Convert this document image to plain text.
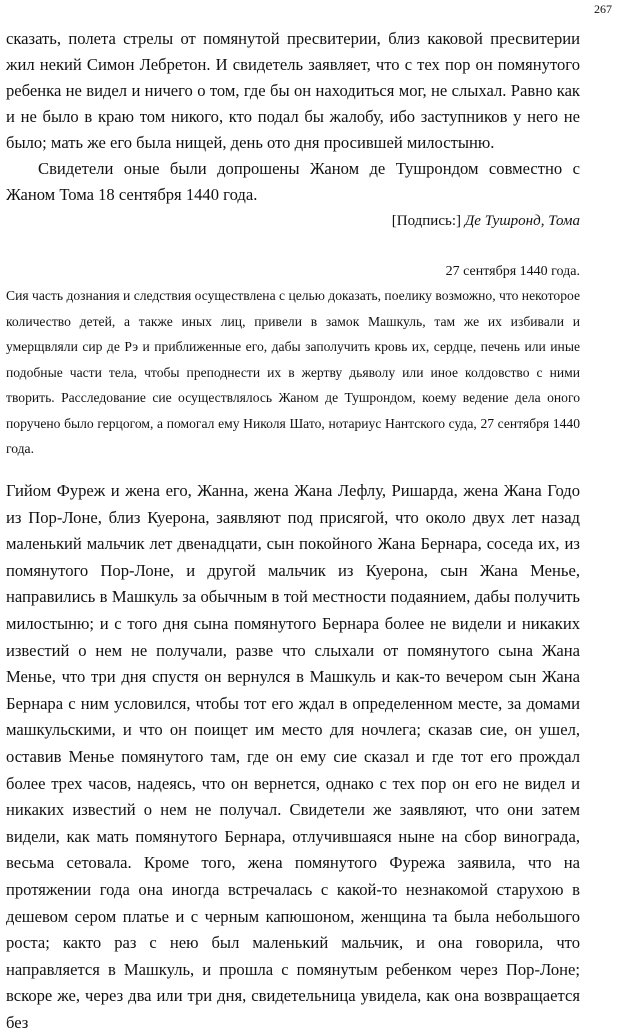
267

сказать, полета стрелы от помянутой пресвитерии, близ каковой пресвитерии жил некий Симон Лебретон. И свидетель заявляет, что с тех пор он помянутого ребенка не видел и ничего о том, где бы он находиться мог, не слыхал. Равно как и не было в краю том никого, кто подал бы жалобу, ибо заступников у него не было; мать же его была нищей, день ото дня просившей милостыню.

Свидетели оные были допрошены Жаном де Тушрондом совместно с Жаном Тома 18 сентября 1440 года.

[Подпись:] Де Тушронд, Тома

27 сентября 1440 года.

Сия часть дознания и следствия осуществлена с целью доказать, поелику возможно, что некоторое количество детей, а также иных лиц, привели в замок Машкуль, там же их избивали и умерщвляли сир де Рэ и приближенные его, дабы заполучить кровь их, сердце, печень или иные подобные части тела, чтобы преподнести их в жертву дьяволу или иное колдовство с ними творить. Расследование сие осуществлялось Жаном де Тушрондом, коему ведение дела оного поручено было герцогом, а помогал ему Николя Шато, нотариус Нантского суда, 27 сентября 1440 года.

Гийом Фуреж и жена его, Жанна, жена Жана Лефлу, Ришарда, жена Жана Годо из Пор-Лоне, близ Куерона, заявляют под присягой, что около двух лет назад маленький мальчик лет двенадцати, сын покойного Жана Бернара, соседа их, из помянутого Пор-Лоне, и другой мальчик из Куерона, сын Жана Менье, направились в Машкуль за обычным в той местности подаянием, дабы получить милостыню; и с того дня сына помянутого Бернара более не видели и никаких известий о нем не получали, разве что слыхали от помянутого сына Жана Менье, что три дня спустя он вернулся в Машкуль и как-то вечером сын Жана Бернара с ним условился, чтобы тот его ждал в определенном месте, за домами машкульскими, и что он поищет им место для ночлега; сказав сие, он ушел, оставив Менье помянутого там, где он ему сие сказал и где тот его прождал более трех часов, надеясь, что он вернется, однако с тех пор он его не видел и никаких известий о нем не получал. Свидетели же заявляют, что они затем видели, как мать помянутого Бернара, отлучившаяся ныне на сбор винограда, весьма сетовала. Кроме того, жена помянутого Фурежа заявила, что на протяжении года она иногда встречалась с какой-то незнакомой старухою в дешевом сером платье и с черным капюшоном, женщина та была небольшого роста; както раз с нею был маленький мальчик, и она говорила, что направляется в Машкуль, и прошла с помянутым ребенком через Пор-Лоне; вскоре же, через два или три дня, свидетельница увидела, как она возвращается без
